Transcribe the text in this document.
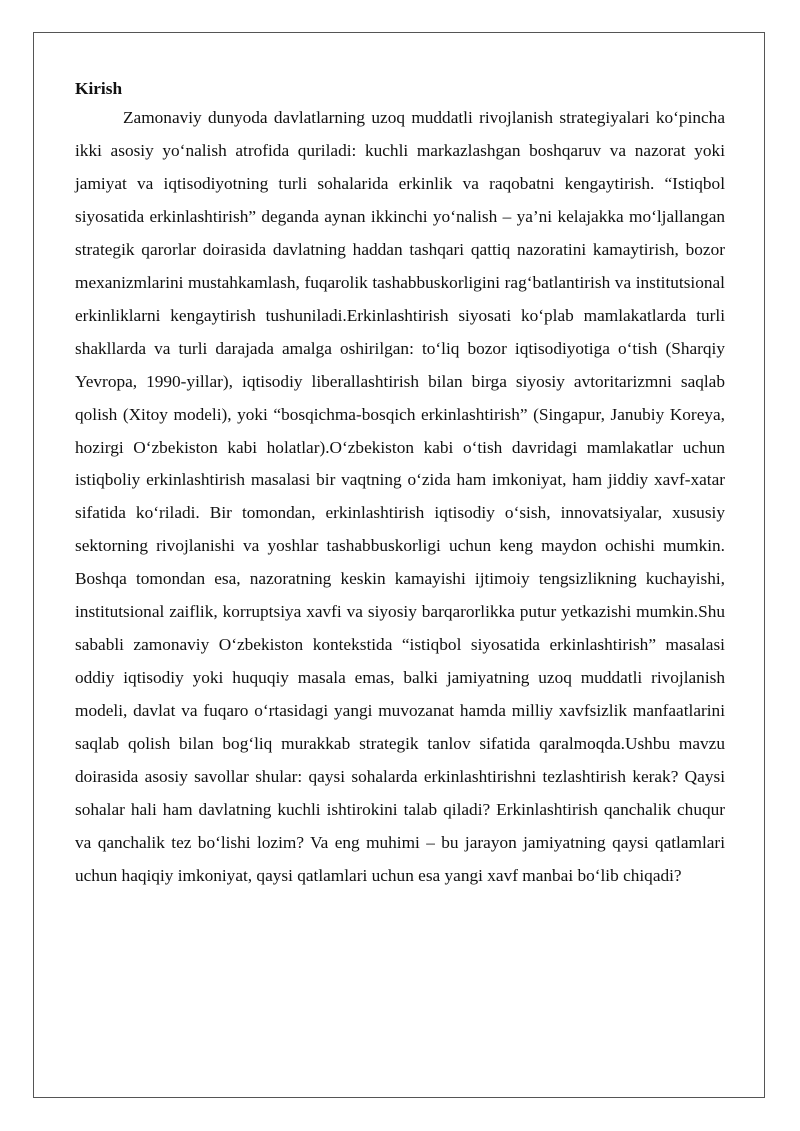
Kirish

Zamonaviy dunyoda davlatlarning uzoq muddatli rivojlanish strategiyalari koʻpincha ikki asosiy yoʻnalish atrofida quriladi: kuchli markazlashgan boshqaruv va nazorat yoki jamiyat va iqtisodiyotning turli sohalarida erkinlik va raqobatni kengaytirish. “Istiqbol siyosatida erkinlashtirish” deganda aynan ikkinchi yoʻnalish – ya’ni kelajakka moʻljallangan strategik qarorlar doirasida davlatning haddan tashqari qattiq nazoratini kamaytirish, bozor mexanizmlarini mustahkamlash, fuqarolik tashabbuskorligini ragʻbatlantirish va institutsional erkinliklarni kengaytirish tushuniladi.Erkinlashtirish siyosati koʻplab mamlakatlarda turli shakllarda va turli darajada amalga oshirilgan: toʻliq bozor iqtisodiyotiga oʻtish (Sharqiy Yevropa, 1990-yillar), iqtisodiy liberallashtirish bilan birga siyosiy avtoritarizmni saqlab qolish (Xitoy modeli), yoki “bosqichma-bosqich erkinlashtirish” (Singapur, Janubiy Koreya, hozirgi Oʻzbekiston kabi holatlar).Oʻzbekiston kabi oʻtish davridagi mamlakatlar uchun istiqboliy erkinlashtirish masalasi bir vaqtning oʻzida ham imkoniyat, ham jiddiy xavf-xatar sifatida koʻriladi. Bir tomondan, erkinlashtirish iqtisodiy oʻsish, innovatsiyalar, xususiy sektorning rivojlanishi va yoshlar tashabbuskorligi uchun keng maydon ochishi mumkin. Boshqa tomondan esa, nazoratning keskin kamayishi ijtimoiy tengsizlikning kuchayishi, institutsional zaiflik, korruptsiya xavfi va siyosiy barqarorlikka putur yetkazishi mumkin.Shu sababli zamonaviy Oʻzbekiston kontekstida “istiqbol siyosatida erkinlashtirish” masalasi oddiy iqtisodiy yoki huquqiy masala emas, balki jamiyatning uzoq muddatli rivojlanish modeli, davlat va fuqaro oʻrtasidagi yangi muvozanat hamda milliy xavfsizlik manfaatlarini saqlab qolish bilan bogʻliq murakkab strategik tanlov sifatida qaralmoqda.Ushbu mavzu doirasida asosiy savollar shular: qaysi sohalarda erkinlashtirishni tezlashtirish kerak? Qaysi sohalar hali ham davlatning kuchli ishtirokini talab qiladi? Erkinlashtirish qanchalik chuqur va qanchalik tez boʻlishi lozim? Va eng muhimi – bu jarayon jamiyatning qaysi qatlamlari uchun haqiqiy imkoniyat, qaysi qatlamlari uchun esa yangi xavf manbai boʻlib chiqadi?
